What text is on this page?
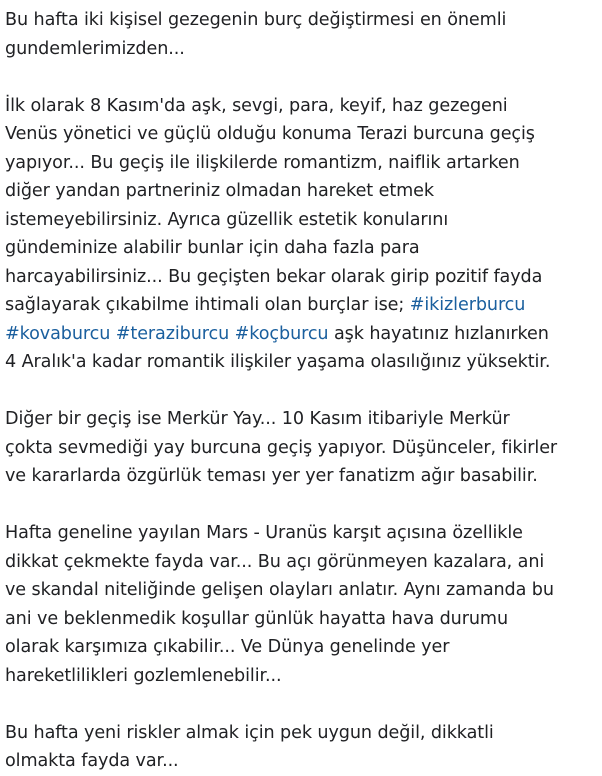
Bu hafta iki kişisel gezegenin burç değiştirmesi en önemli
gundemlerimizden...

İlk olarak 8 Kasım'da aşk, sevgi, para, keyif, haz gezegeni
Venüs yönetici ve güçlü olduğu konuma Terazi burcuna geçiş
yapıyor... Bu geçiş ile ilişkilerde romantizm, naiflik artarken
diğer yandan partneriniz olmadan hareket etmek
istemeyebilirsiniz. Ayrıca güzellik estetik konularını
gündeminize alabilir bunlar için daha fazla para
harcayabilirsiniz... Bu geçişten bekar olarak girip pozitif fayda
sağlayarak çıkabilme ihtimali olan burçlar ise; #ikizlerburcu
#kovaburcu #teraziburcu #koçburcu aşk hayatınız hızlanırken
4 Aralık'a kadar romantik ilişkiler yaşama olasılığınız yüksektir.

Diğer bir geçiş ise Merkür Yay... 10 Kasım itibariyle Merkür
çokta sevmediği yay burcuna geçiş yapıyor. Düşünceler, fikirler
ve kararlarda özgürlük teması yer yer fanatizm ağır basabilir.

Hafta geneline yayılan Mars - Uranüs karşıt açısına özellikle
dikkat çekmekte fayda var... Bu açı görünmeyen kazalara, ani
ve skandal niteliğinde gelişen olayları anlatır. Aynı zamanda bu
ani ve beklenmedik koşullar günlük hayatta hava durumu
olarak karşımıza çıkabilir... Ve Dünya genelinde yer
hareketlilikleri gozlemlenebilir...

Bu hafta yeni riskler almak için pek uygun değil, dikkatli
olmakta fayda var...
